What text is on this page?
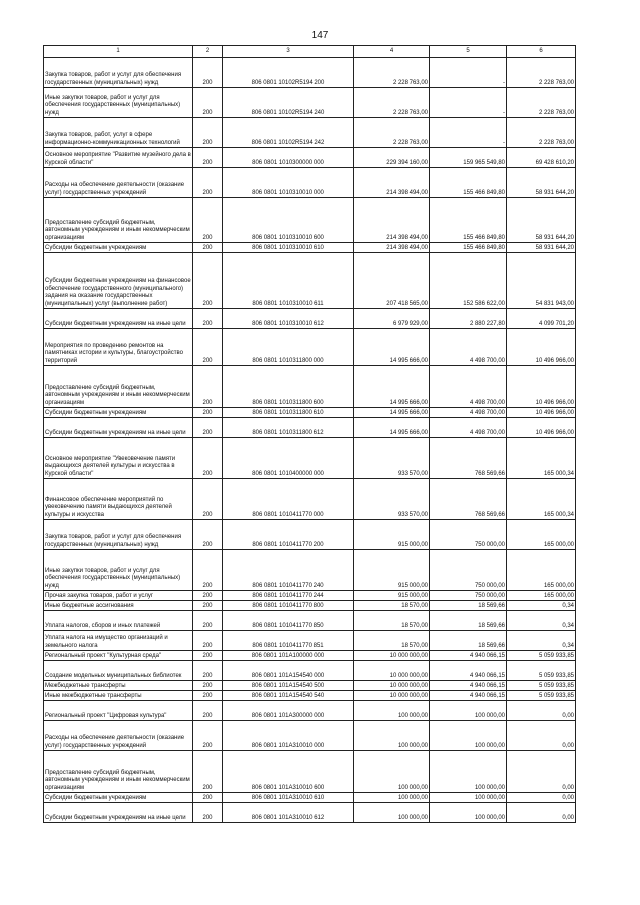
147
1	2	3	4	5	6
Закупка товаров, работ и услуг для обеспечения государственных (муниципальных) нужд	200	806 0801 10102R5194 200	2 228 763,00	-	2 228 763,00
Иные закупки товаров, работ и услуг для обеспечения государственных (муниципальных) нужд	200	806 0801 10102R5194 240	2 228 763,00	-	2 228 763,00
Закупка товаров, работ, услуг в сфере информационно-коммуникационных технологий	200	806 0801 10102R5194 242	2 228 763,00	-	2 228 763,00
Основное мероприятие "Развитие музейного дела в Курской области"	200	806 0801 1010300000 000	229 394 160,00	159 965 549,80	69 428 610,20
Расходы на обеспечение деятельности (оказание услуг) государственных учреждений	200	806 0801 1010310010 000	214 398 494,00	155 466 849,80	58 931 644,20
Предоставление субсидий бюджетным, автономным учреждениям и иным некоммерческим организациям	200	806 0801 1010310010 600	214 398 494,00	155 466 849,80	58 931 644,20
Субсидии бюджетным учреждениям	200	806 0801 1010310010 610	214 398 494,00	155 466 849,80	58 931 644,20
Субсидии бюджетным учреждениям на финансовое обеспечение государственного (муниципального) задания на оказание государственных (муниципальных) услуг (выполнение работ)	200	806 0801 1010310010 611	207 418 565,00	152 586 622,00	54 831 943,00
Субсидии бюджетным учреждениям на иные цели	200	806 0801 1010310010 612	6 979 929,00	2 880 227,80	4 099 701,20
Мероприятия по проведению ремонтов на памятниках истории и культуры, благоустройство территорий	200	806 0801 1010311800 000	14 995 666,00	4 498 700,00	10 496 966,00
Предоставление субсидий бюджетным, автономным учреждениям и иным некоммерческим организациям	200	806 0801 1010311800 600	14 995 666,00	4 498 700,00	10 496 966,00
Субсидии бюджетным учреждениям	200	806 0801 1010311800 610	14 995 666,00	4 498 700,00	10 496 966,00
Субсидии бюджетным учреждениям на иные цели	200	806 0801 1010311800 612	14 995 666,00	4 498 700,00	10 496 966,00
Основное мероприятие "Увековечение памяти выдающихся деятелей культуры и искусства в Курской области"	200	806 0801 1010400000 000	933 570,00	768 569,66	165 000,34
Финансовое обеспечение мероприятий по увековечению памяти выдающихся деятелей культуры и искусства	200	806 0801 1010411770 000	933 570,00	768 569,66	165 000,34
Закупка товаров, работ и услуг для обеспечения государственных (муниципальных) нужд	200	806 0801 1010411770 200	915 000,00	750 000,00	165 000,00
Иные закупки товаров, работ и услуг для обеспечения государственных (муниципальных) нужд	200	806 0801 1010411770 240	915 000,00	750 000,00	165 000,00
Прочая закупка товаров, работ и услуг	200	806 0801 1010411770 244	915 000,00	750 000,00	165 000,00
Иные бюджетные ассигнования	200	806 0801 1010411770 800	18 570,00	18 569,66	0,34
Уплата налогов, сборов и иных платежей	200	806 0801 1010411770 850	18 570,00	18 569,66	0,34
Уплата налога на имущество организаций и земельного налога	200	806 0801 1010411770 851	18 570,00	18 569,66	0,34
Региональный проект "Культурная среда"	200	806 0801 101A100000 000	10 000 000,00	4 940 066,15	5 059 933,85
Создание модельных муниципальных библиотек	200	806 0801 101A154540 000	10 000 000,00	4 940 066,15	5 059 933,85
Межбюджетные трансферты	200	806 0801 101A154540 500	10 000 000,00	4 940 066,15	5 059 933,85
Иные межбюджетные трансферты	200	806 0801 101A154540 540	10 000 000,00	4 940 066,15	5 059 933,85
Региональный проект "Цифровая культура"	200	806 0801 101A300000 000	100 000,00	100 000,00	0,00
Расходы на обеспечение деятельности (оказание услуг) государственных учреждений	200	806 0801 101A310010 000	100 000,00	100 000,00	0,00
Предоставление субсидий бюджетным, автономным учреждениям и иным некоммерческим организациям	200	806 0801 101A310010 600	100 000,00	100 000,00	0,00
Субсидии бюджетным учреждениям	200	806 0801 101A310010 610	100 000,00	100 000,00	0,00
Субсидии бюджетным учреждениям на иные цели	200	806 0801 101A310010 612	100 000,00	100 000,00	0,00
